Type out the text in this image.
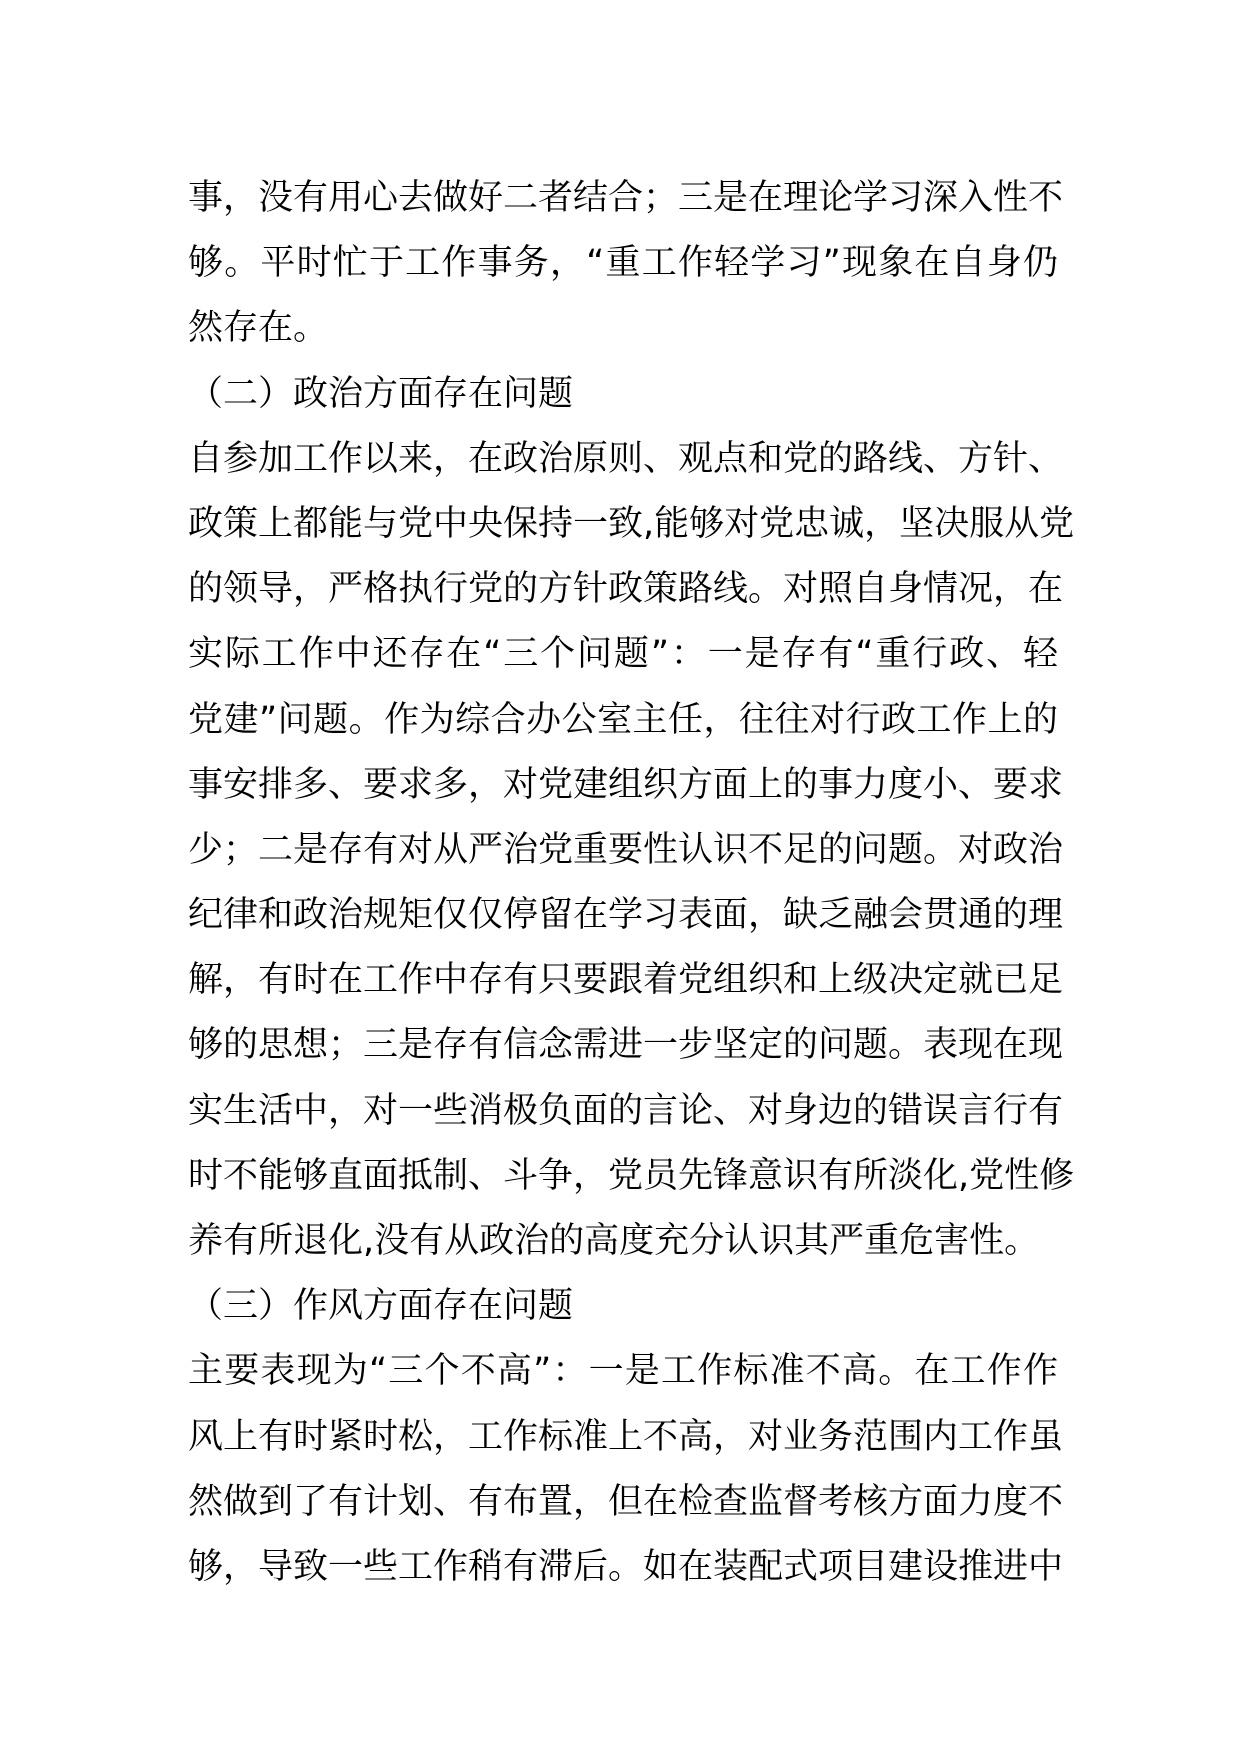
事，没有用心去做好二者结合；三是在理论学习深入性不
够。平时忙于工作事务，“重工作轻学习”现象在自身仍
然存在。
（二）政治方面存在问题
自参加工作以来，在政治原则、观点和党的路线、方针、
政策上都能与党中央保持一致,能够对党忠诚，坚决服从党
的领导，严格执行党的方针政策路线。对照自身情况，在
实际工作中还存在“三个问题”：一是存有“重行政、轻
党建”问题。作为综合办公室主任，往往对行政工作上的
事安排多、要求多，对党建组织方面上的事力度小、要求
少；二是存有对从严治党重要性认识不足的问题。对政治
纪律和政治规矩仅仅停留在学习表面，缺乏融会贯通的理
解，有时在工作中存有只要跟着党组织和上级决定就已足
够的思想；三是存有信念需进一步坚定的问题。表现在现
实生活中，对一些消极负面的言论、对身边的错误言行有
时不能够直面抵制、斗争，党员先锋意识有所淡化,党性修
养有所退化,没有从政治的高度充分认识其严重危害性。
（三）作风方面存在问题
主要表现为“三个不高”：一是工作标准不高。在工作作
风上有时紧时松，工作标准上不高，对业务范围内工作虽
然做到了有计划、有布置，但在检查监督考核方面力度不
够，导致一些工作稍有滞后。如在装配式项目建设推进中
